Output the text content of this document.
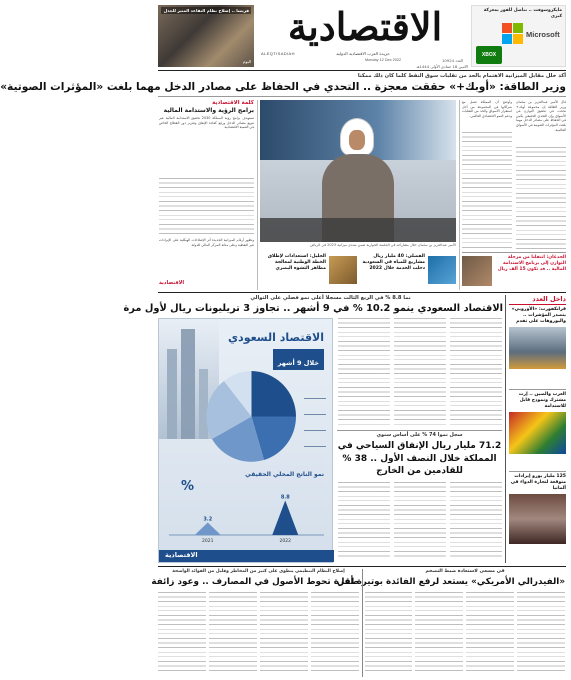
مايكروسوفت .. تناضل للفوز بمعركة كبرى
Microsoft
XBOX
الاقتصادية
ALEQTISADIAH	جريدة العرب الاقتصادية الدولية
Monday 12 Dec 2022	العدد 10924
الاثنين 18 جمادى الأولى 1444هـ
فرنسا .. إصلاح نظام التقاعد المثير للجدل
اليوم
أكد خلل مقابل الميزانية الاهتمام بالحد من تقلبات سوق النفط كلما كان ذلك ممكنا
وزير الطاقة: «أوبك+» حققت معجزة .. التحدي في الحفاظ على مصادر الدخل مهما بلغت «المؤثرات الصوتية»
كلمة الاقتصادية
برامج الرؤية والاستدامة المالية
تستهدف برامج رؤية المملكة 2030 تحقيق الاستدامة المالية عبر تنويع مصادر الدخل ورفع كفاءة الإنفاق وتعزيز دور القطاع الخاص في التنمية الاقتصادية.
وتظهر أرقام الميزانية الجديدة أثر الإصلاحات الهيكلية على الإيرادات غير النفطية وعلى متانة المركز المالي للدولة.
الاقتصادية
الأمير عبدالعزيز بن سلمان خلال مشاركته في الجلسة الحوارية ضمن منتدى ميزانية 2023 في الرياض
الفضلي: 40 مليار ريال مشاريع للمياه في السعودية دخلت الخدمة خلال 2022
الجليل: استعدادات لإطلاق الخطة الوطنية لمعالجة مظاهر التشوه البصري
قال الأمير عبدالعزيز بن سلمان وزير الطاقة إن مجموعة أوبك+ نجحت في تحقيق التوازن في الأسواق وإن التحدي الحقيقي يكمن في الحفاظ على مصادر الدخل مهما بلغت المؤثرات الصوتية في الأسواق العالمية.
وأوضح أن المملكة تعمل مع شركائها في المجموعة من أجل استقرار الأسواق والحد من التقلبات ودعم النمو الاقتصادي العالمي.
الجدعان: انتقلنا من مرحلة التوازن إلى برنامج الاستدامة المالية .. قد تكون 15 ألف ريال
نما 8.8 % في الربع الثالث مسجلا أعلى نمو فصلي على التوالي
الاقتصاد السعودي ينمو 10.2 % في 9 أشهر .. تجاوز 3 تريليونات ريال لأول مرة
داخل العدد
فرانكفورت: «الأوروبي» يتصدر المؤشرات .. واليوروهات على تقدم
العرب والصين .. إرث مشترك ونموذج قابل للاستدامة
125 مليار يورو إيرادات متوقعة لتجارة الدواء في ألمانيا
الاقتصاد السعودي
خلال 9 أشهر
نمو الناتج المحلي الحقيقي
%
3.2
2021
8.8
2022
الاقتصادية
سجل نموا 74 % على أساس سنوي
71.2 مليار ريال الإنفاق السياحي في المملكة خلال النصف الأول .. 38 % للقادمين من الخارج
في مسعى لاستعادة ضبط التصخم
«الفيدرالي الأمريكي» يستعد لرفع الفائدة بوتيرة أقل
إصلاح النظام التنظيمي يتطوي على كثير من المخاطر وقليل من الفوائد الواضحة
طفرة تحوط الأصول في المصارف .. وعود زائفة
